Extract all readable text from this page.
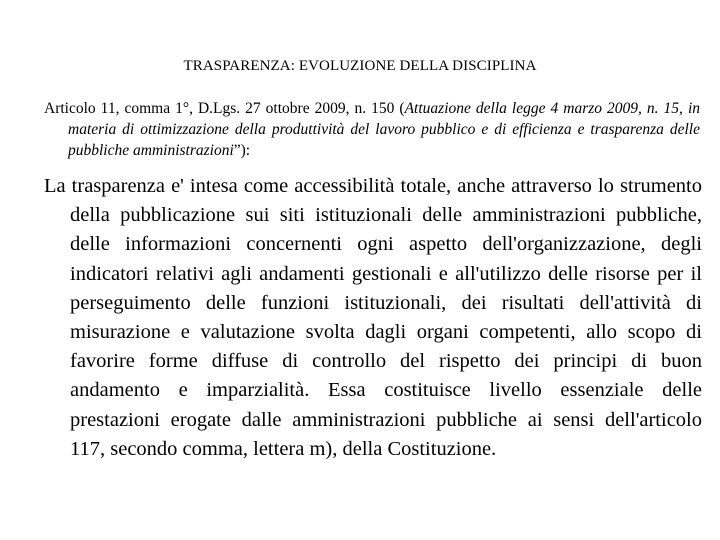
TRASPARENZA: EVOLUZIONE DELLA DISCIPLINA

Articolo 11, comma 1°, D.Lgs. 27 ottobre 2009, n. 150 (Attuazione della legge 4 marzo 2009, n. 15, in materia di ottimizzazione della produttività del lavoro pubblico e di efficienza e trasparenza delle pubbliche amministrazioni”):

La trasparenza e' intesa come accessibilità totale, anche attraverso lo strumento della pubblicazione sui siti istituzionali delle amministrazioni pubbliche, delle informazioni concernenti ogni aspetto dell'organizzazione, degli indicatori relativi agli andamenti gestionali e all'utilizzo delle risorse per il perseguimento delle funzioni istituzionali, dei risultati dell'attività di misurazione e valutazione svolta dagli organi competenti, allo scopo di favorire forme diffuse di controllo del rispetto dei principi di buon andamento e imparzialità. Essa costituisce livello essenziale delle prestazioni erogate dalle amministrazioni pubbliche ai sensi dell'articolo 117, secondo comma, lettera m), della Costituzione.
